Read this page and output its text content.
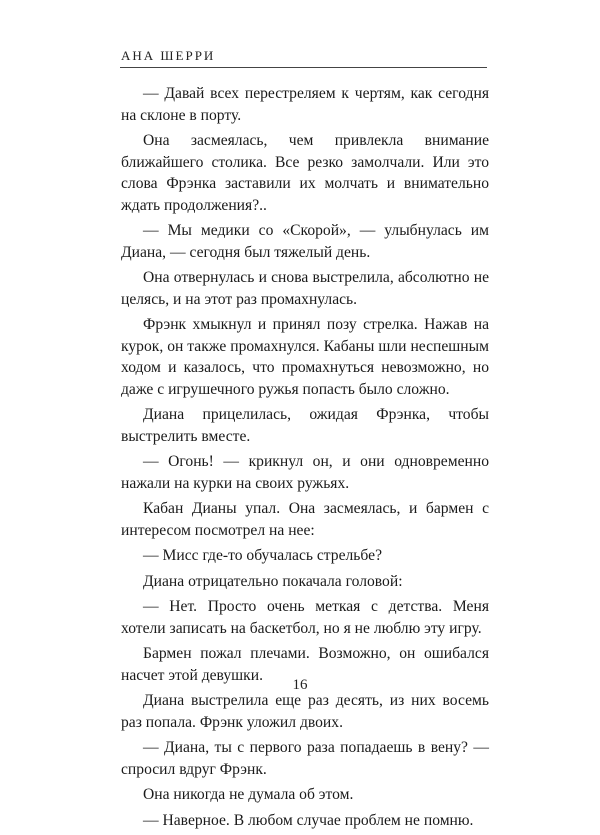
АНА ШЕРРИ

— Давай всех перестреляем к чертям, как сегодня на склоне в порту.

Она засмеялась, чем привлекла внимание ближайшего столика. Все резко замолчали. Или это слова Фрэнка заставили их молчать и внимательно ждать продолжения?..

— Мы медики со «Скорой», — улыбнулась им Диана, — сегодня был тяжелый день.

Она отвернулась и снова выстрелила, абсолютно не целясь, и на этот раз промахнулась.

Фрэнк хмыкнул и принял позу стрелка. Нажав на курок, он также промахнулся. Кабаны шли неспешным ходом и казалось, что промахнуться невозможно, но даже с игрушечного ружья попасть было сложно.

Диана прицелилась, ожидая Фрэнка, чтобы выстрелить вместе.

— Огонь! — крикнул он, и они одновременно нажали на курки на своих ружьях.

Кабан Дианы упал. Она засмеялась, и бармен с интересом посмотрел на нее:

— Мисс где-то обучалась стрельбе?

Диана отрицательно покачала головой:

— Нет. Просто очень меткая с детства. Меня хотели записать на баскетбол, но я не люблю эту игру.

Бармен пожал плечами. Возможно, он ошибался насчет этой девушки.

Диана выстрелила еще раз десять, из них восемь раз попала. Фрэнк уложил двоих.

— Диана, ты с первого раза попадаешь в вену? — спросил вдруг Фрэнк.

Она никогда не думала об этом.

— Наверное. В любом случае проблем не помню.

16
